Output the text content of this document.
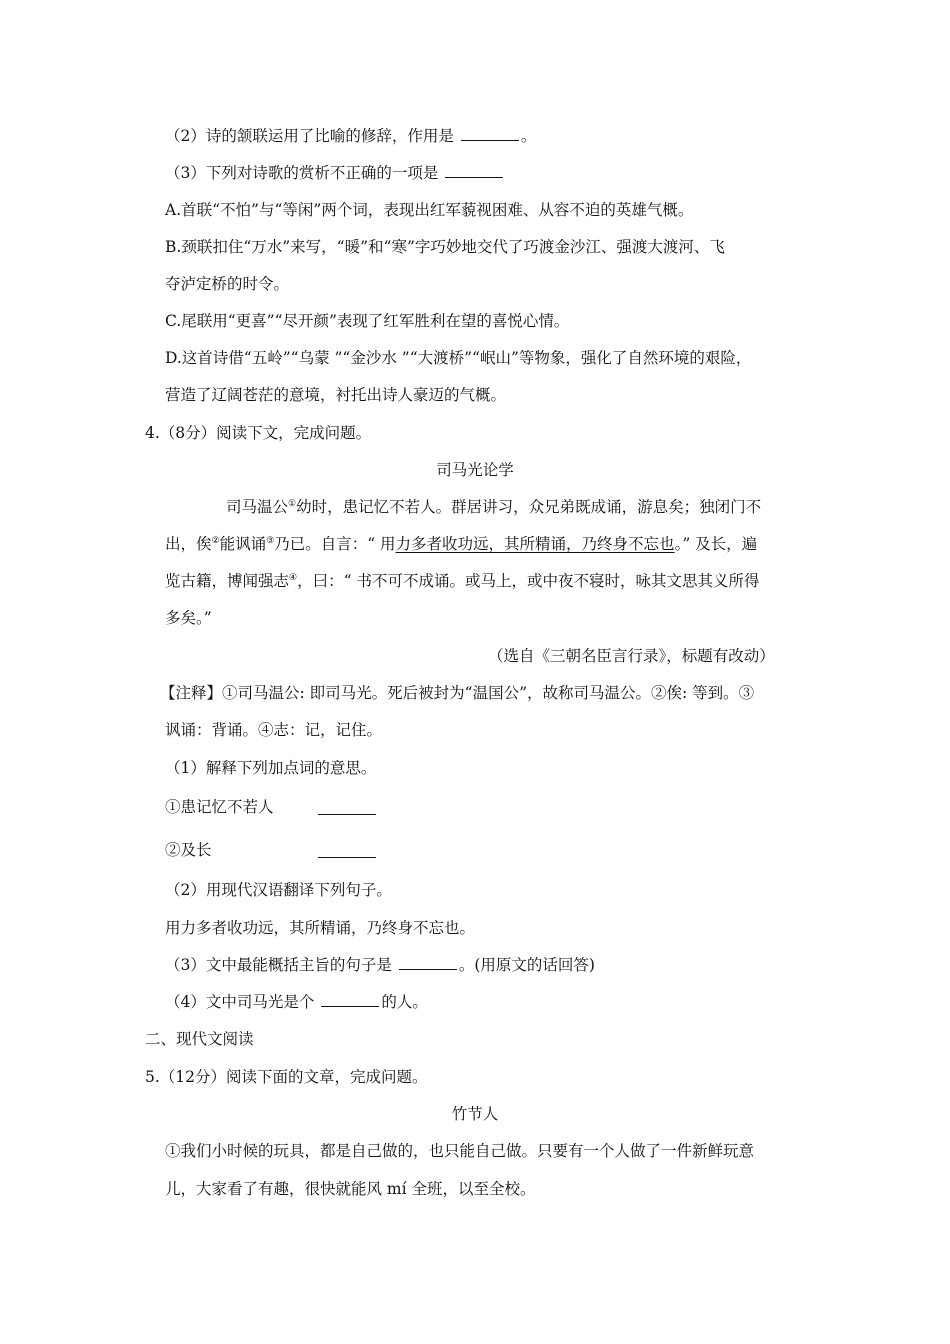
（2）诗的颔联运用了比喻的修辞，作用是	。
（3）下列对诗歌的赏析不正确的一项是
A.首联“不怕”与“等闲”两个词，表现出红军藐视困难、从容不迫的英雄气概。
B.颈联扣住“万水”来写，“暖”和“寒”字巧妙地交代了巧渡金沙江、强渡大渡河、飞
夺泸定桥的时令。
C.尾联用“更喜”“尽开颜”表现了红军胜利在望的喜悦心情。
D.这首诗借“五岭”“乌蒙 ”“金沙水 ”“大渡桥”“岷山”等物象，强化了自然环境的艰险，
营造了辽阔苍茫的意境，衬托出诗人豪迈的气概。
4.（8分）阅读下文，完成问题。
司马光论学
司马温公①幼时，患记忆不若人。群居讲习，众兄弟既成诵，游息矣；独闭门不
出，俟②能讽诵③乃已。自言：“ 用力多者收功远，其所精诵，乃终身不忘也。” 及长，遍
览古籍，博闻强志④，曰：“ 书不可不成诵。或马上，或中夜不寝时，咏其文思其义所得
多矣。”
（选自《三朝名臣言行录》，标题有改动）
【注释】①司马温公: 即司马光。死后被封为“温国公”，故称司马温公。②俟: 等到。③
讽诵：背诵。④志：记，记住。
（1）解释下列加点词的意思。
①患记忆不若人
②及长
（2）用现代汉语翻译下列句子。
用力多者收功远，其所精诵，乃终身不忘也。
（3）文中最能概括主旨的句子是	。(用原文的话回答)
（4）文中司马光是个	的人。
二、现代文阅读
5.（12分）阅读下面的文章，完成问题。
竹节人
①我们小时候的玩具，都是自己做的，也只能自己做。只要有一个人做了一件新鲜玩意
儿，大家看了有趣，很快就能风 mí 全班，以至全校。
